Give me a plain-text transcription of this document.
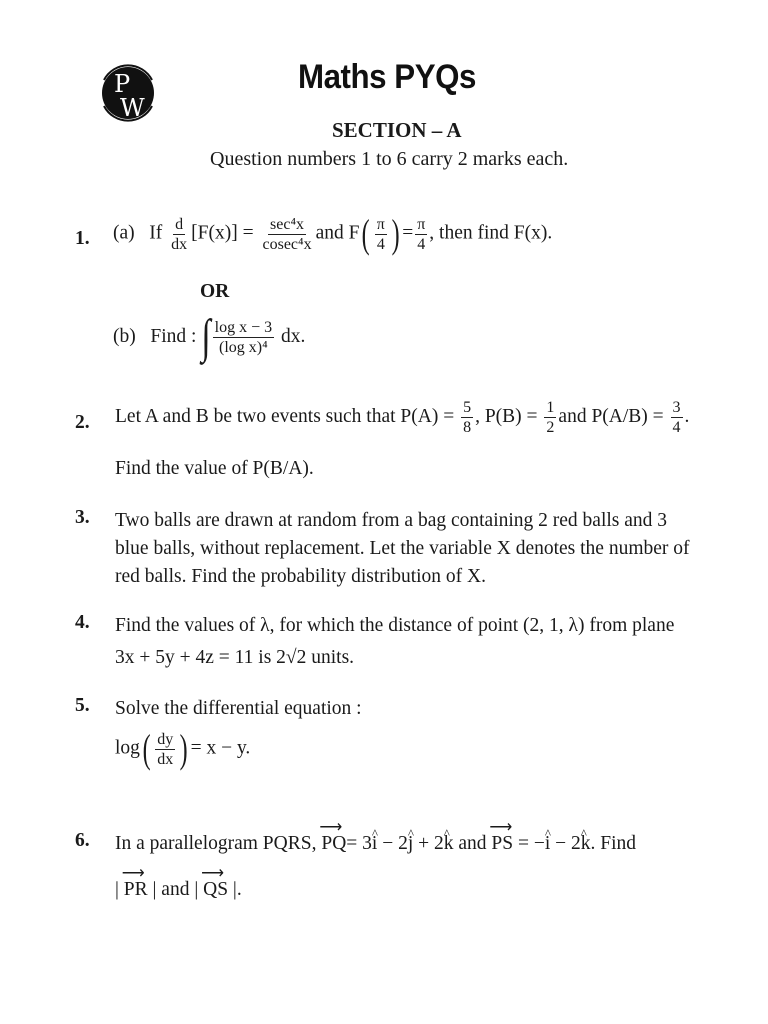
P
W
Maths PYQs
SECTION – A
Question numbers 1 to 6 carry 2 marks each.
1. (a) If $\frac{d}{dx} [F(x)] = \frac{\text{sec⁴x}}{\text{cosec⁴x}}$ and $F( \frac{\pi}{4}$ ) = $\frac{\pi}{4}$ , then find F(x).
OR
(b) Find : ∫ $\frac{\text{log x − 3}}{\text{(log x)⁴}}$ dx.
2. Let A and B be two events such that $P(A) = \frac{5}{8}$ , $P(B) = \frac{1}{2}$ and $P(A/B) = \frac{3}{4}$ .
Find the value of P(B/A).
3. Two balls are drawn at random from a bag containing 2 red balls and 3
blue balls, without replacement. Let the variable X denotes the number of
red balls. Find the probability distribution of X.
4. Find the values of λ, for which the distance of point (2, 1, λ) from plane
3x + 5y + 4z = 11 is 2√2 units.
5. Solve the differential equation :
$\log( \frac{dy}{dx}$ ) = x − y.
6. In a parallelogram PQRS, ⟶ PQ= 3^ i − 2^ j + 2^ k and ⟶ PS = −^ i − 2^ k. Find
| ⟶ PR | and | ⟶ QS |.
